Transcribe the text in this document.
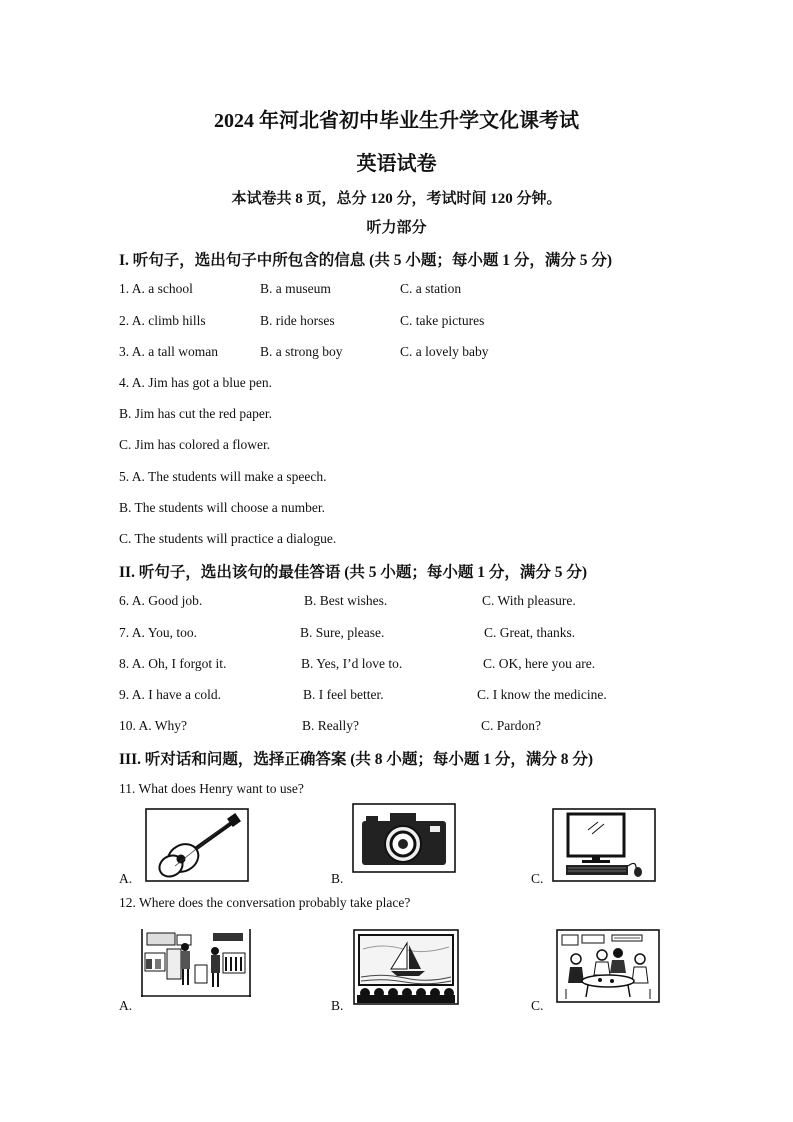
2024 年河北省初中毕业生升学文化课考试
英语试卷
本试卷共 8 页，总分 120 分，考试时间 120 分钟。
听力部分
I. 听句子，选出句子中所包含的信息 (共 5 小题；每小题 1 分，满分 5 分)
1. A. a school	B. a museum	C. a station
2. A. climb hills	B. ride horses	C. take pictures
3. A. a tall woman	B. a strong boy	C. a lovely baby
4. A. Jim has got a blue pen.
B. Jim has cut the red paper.
C. Jim has colored a flower.
5. A. The students will make a speech.
B. The students will choose a number.
C. The students will practice a dialogue.
II. 听句子，选出该句的最佳答语 (共 5 小题；每小题 1 分，满分 5 分)
6. A. Good job.	B. Best wishes.	C. With pleasure.
7. A. You, too.	B. Sure, please.	C. Great, thanks.
8. A. Oh, I forgot it.	B. Yes, I’d love to.	C. OK, here you are.
9. A. I have a cold.	B. I feel better.	C. I know the medicine.
10. A. Why?	B. Really?	C. Pardon?
III. 听对话和问题，选择正确答案 (共 8 小题；每小题 1 分，满分 8 分)
11. What does Henry want to use?
A.	B.	C.
12. Where does the conversation probably take place?
A.	B.	C.
